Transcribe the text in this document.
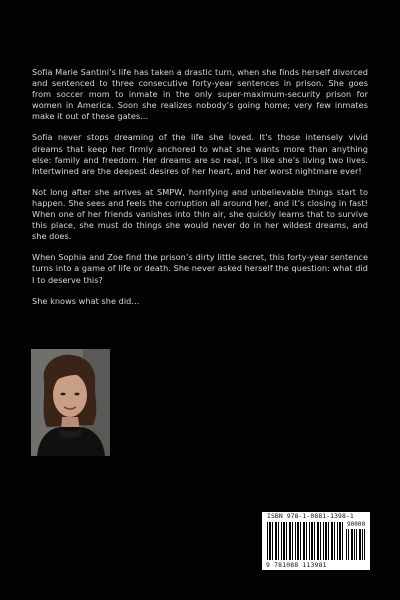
Sofia Marie Santini’s life has taken a drastic turn, when she finds herself divorced and sentenced to three consecutive forty-year sentences in prison. She goes from soccer mom to inmate in the only super-maximum-security prison for women in America. Soon she realizes nobody’s going home; very few inmates make it out of these gates...

Sofia never stops dreaming of the life she loved. It’s those intensely vivid dreams that keep her firmly anchored to what she wants more than anything else: family and freedom. Her dreams are so real, it’s like she’s living two lives. Intertwined are the deepest desires of her heart, and her worst nightmare ever!

Not long after she arrives at SMPW, horrifying and unbelievable things start to happen. She sees and feels the corruption all around her, and it’s closing in fast! When one of her friends vanishes into thin air, she quickly learns that to survive this place, she must do things she would never do in her wildest dreams, and she does.

When Sophia and Zoe find the prison’s dirty little secret, this forty-year sentence turns into a game of life or death. She never asked herself the question: what did I to deserve this?

She knows what she did...

ISBN 978-1-0881-1398-1
90000
9 781088 113981
